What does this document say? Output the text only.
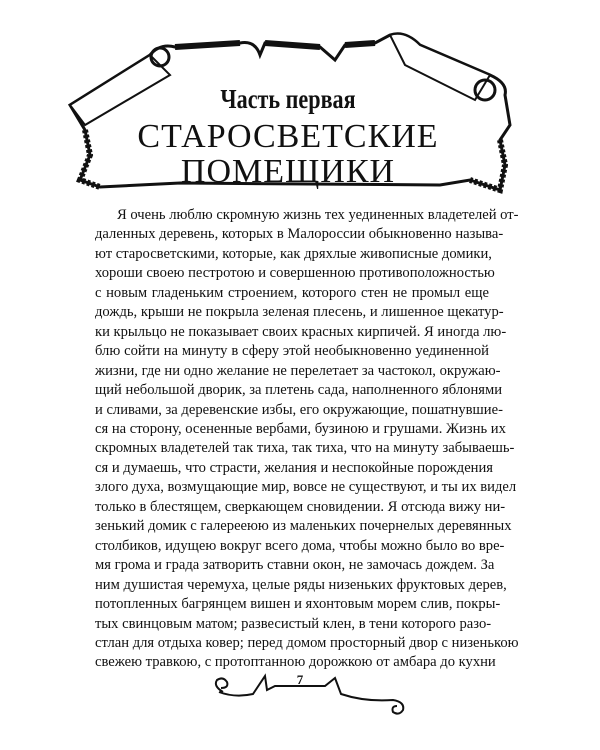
Часть первая
СТАРОСВЕТСКИЕ
ПОМЕЩИКИ
Я очень люблю скромную жизнь тех уединенных владетелей от-
даленных деревень, которых в Малороссии обыкновенно называ-
ют старосветскими, которые, как дряхлые живописные домики,
хороши своею пестротою и совершенною противоположностью
с новым гладеньким строением, которого стен не промыл еще
дождь, крыши не покрыла зеленая плесень, и лишенное щекатур-
ки крыльцо не показывает своих красных кирпичей. Я иногда лю-
блю сойти на минуту в сферу этой необыкновенно уединенной
жизни, где ни одно желание не перелетает за частокол, окружаю-
щий небольшой дворик, за плетень сада, наполненного яблонями
и сливами, за деревенские избы, его окружающие, пошатнувшие-
ся на сторону, осененные вербами, бузиною и грушами. Жизнь их
скромных владетелей так тиха, так тиха, что на минуту забываешь-
ся и думаешь, что страсти, желания и неспокойные порождения
злого духа, возмущающие мир, вовсе не существуют, и ты их видел
только в блестящем, сверкающем сновидении. Я отсюда вижу ни-
зенький домик с галерееюю из маленьких почернелых деревянных
столбиков, идущею вокруг всего дома, чтобы можно было во вре-
мя грома и града затворить ставни окон, не замочась дождем. За
ним душистая черемуха, целые ряды низеньких фруктовых дерев,
потопленных багрянцем вишен и яхонтовым морем слив, покры-
тых свинцовым матом; развесистый клен, в тени которого разо-
стлан для отдыха ковер; перед домом просторный двор с низенькою
свежею травкою, с протоптанною дорожкою от амбара до кухни
7
